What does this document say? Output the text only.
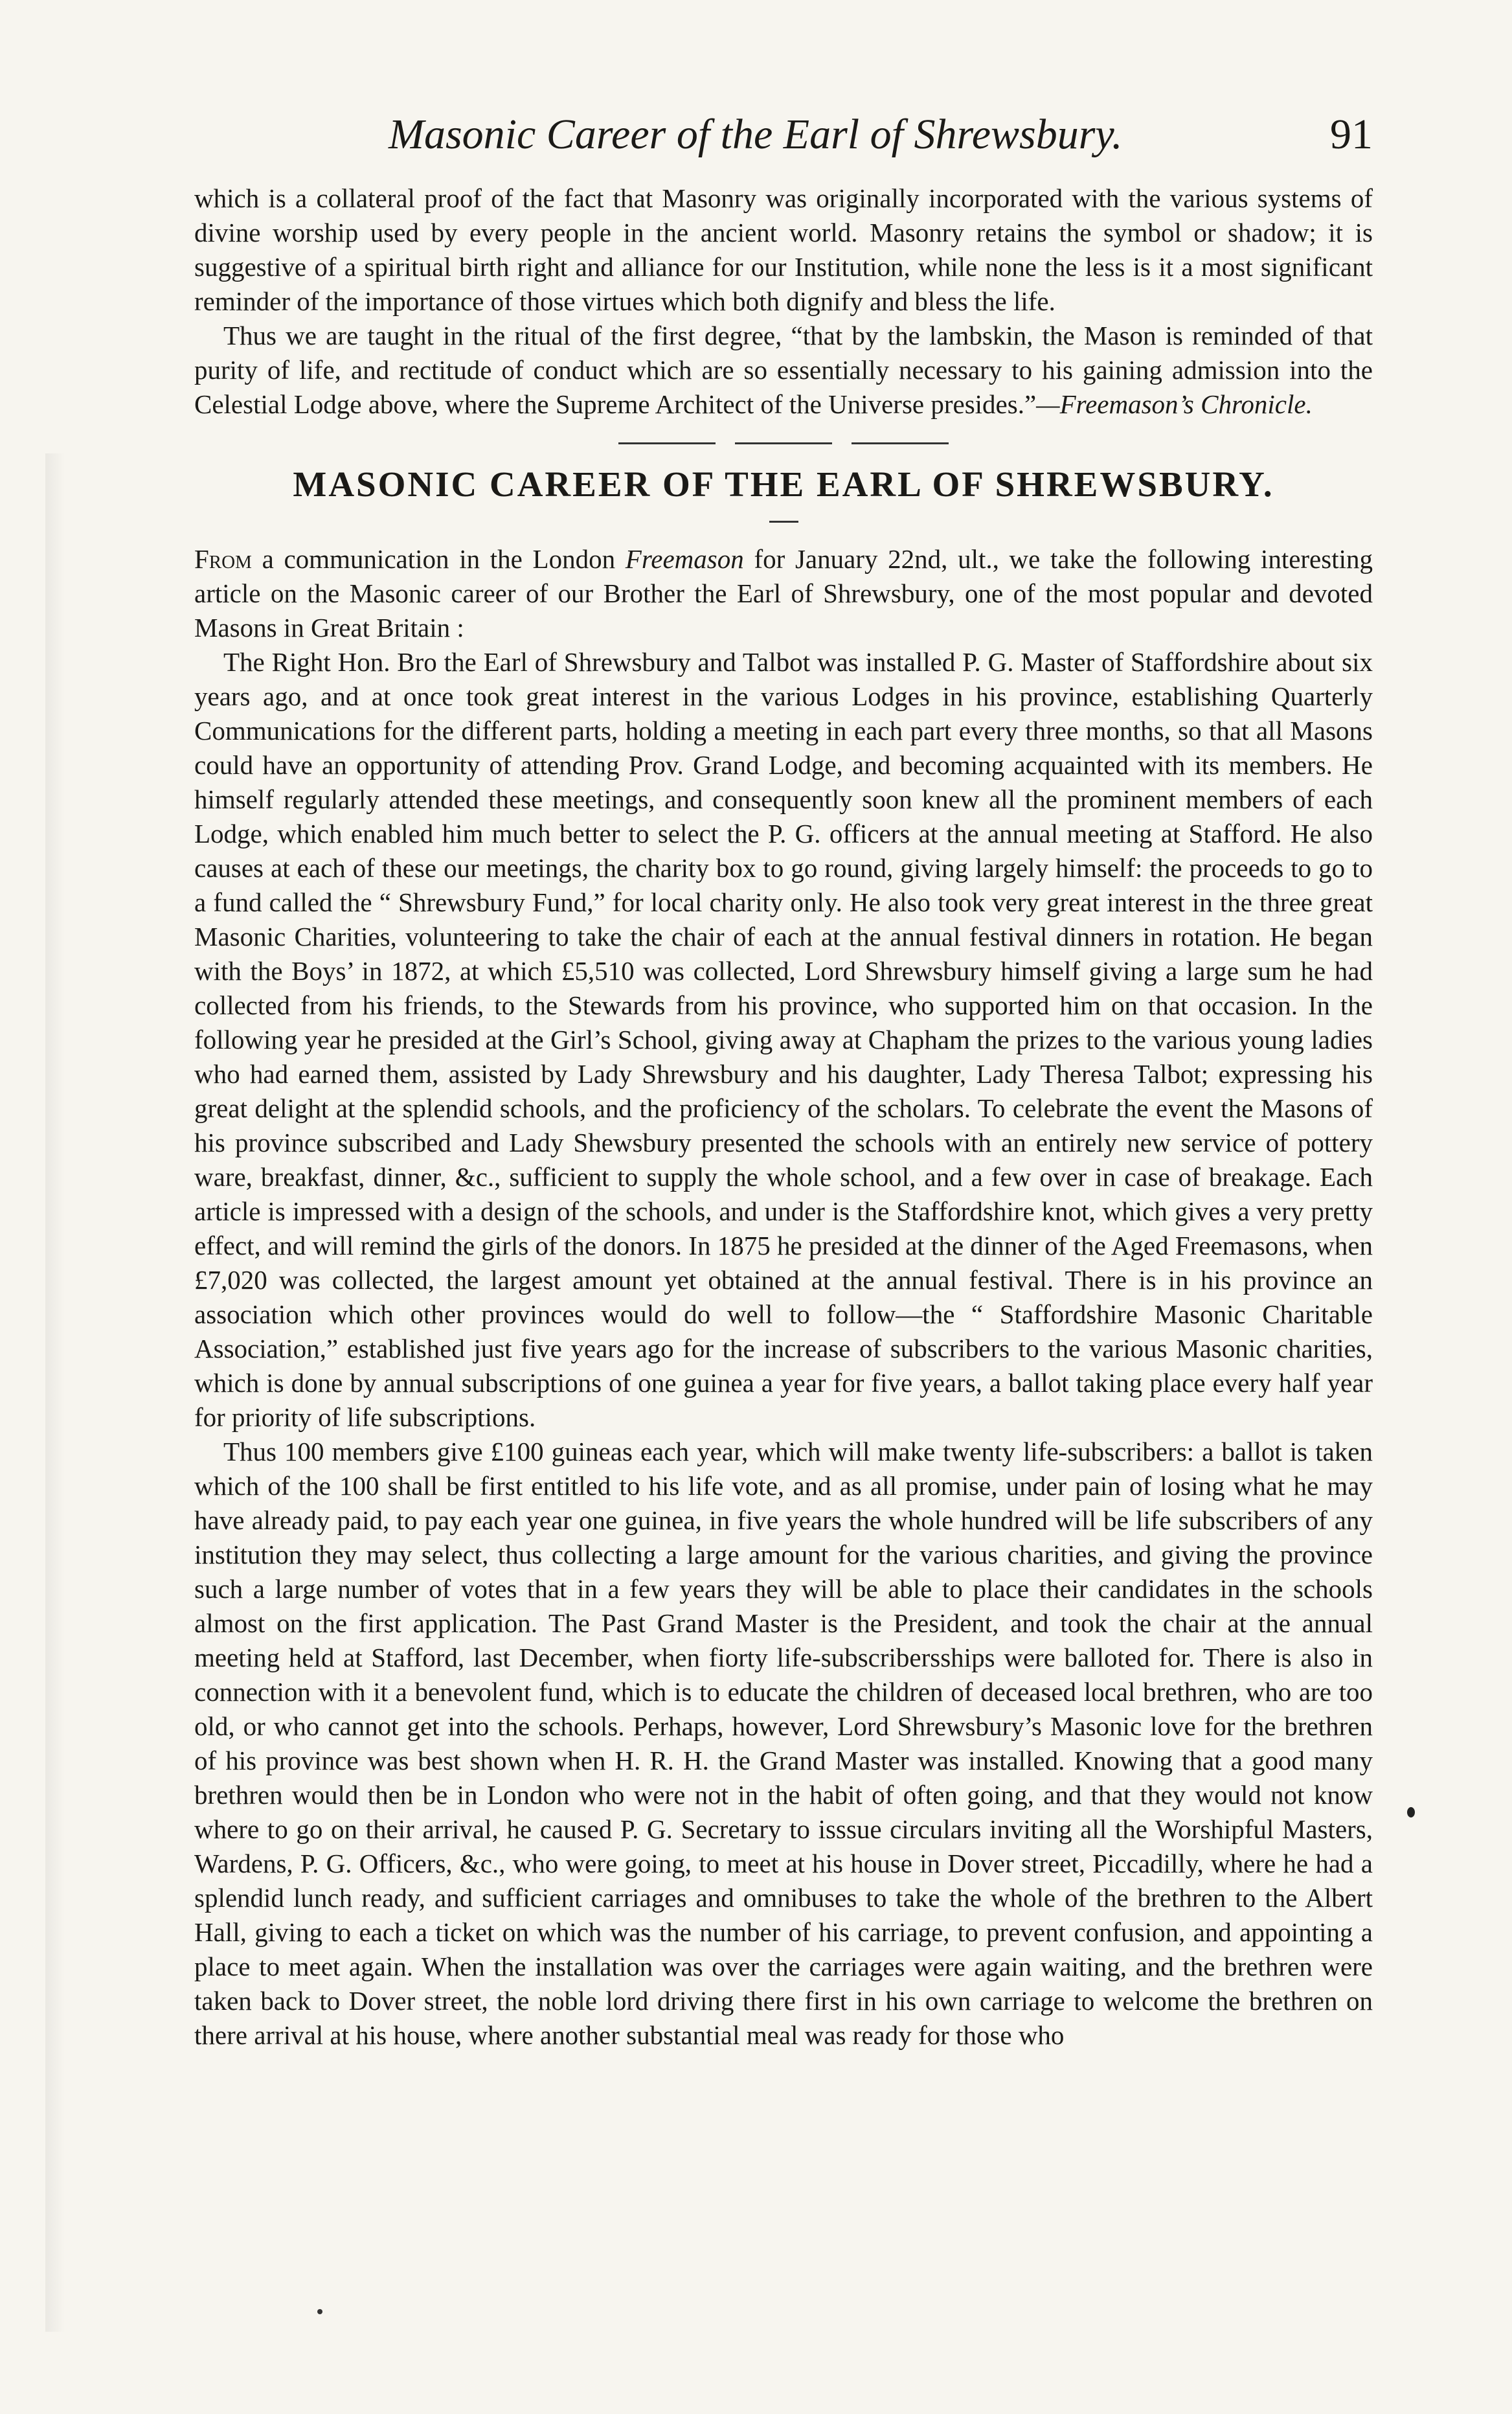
Masonic Career of the Earl of Shrewsbury.	91

which is a collateral proof of the fact that Masonry was originally incorporated with the various systems of divine worship used by every people in the ancient world. Masonry retains the symbol or shadow; it is suggestive of a spiritual birth right and alliance for our Institution, while none the less is it a most significant reminder of the importance of those virtues which both dignify and bless the life.

Thus we are taught in the ritual of the first degree, “that by the lambskin, the Mason is reminded of that purity of life, and rectitude of conduct which are so essentially necessary to his gaining admission into the Celestial Lodge above, where the Supreme Architect of the Universe presides.”—Freemason’s Chronicle.

MASONIC CAREER OF THE EARL OF SHREWSBURY.

From a communication in the London Freemason for January 22nd, ult., we take the following interesting article on the Masonic career of our Brother the Earl of Shrewsbury, one of the most popular and devoted Masons in Great Britain :

The Right Hon. Bro the Earl of Shrewsbury and Talbot was installed P. G. Master of Staffordshire about six years ago, and at once took great interest in the various Lodges in his province, establishing Quarterly Communications for the different parts, holding a meeting in each part every three months, so that all Masons could have an opportunity of attending Prov. Grand Lodge, and becoming acquainted with its members. He himself regularly attended these meetings, and consequently soon knew all the prominent members of each Lodge, which enabled him much better to select the P. G. officers at the annual meeting at Stafford. He also causes at each of these our meetings, the charity box to go round, giving largely himself: the proceeds to go to a fund called the “ Shrewsbury Fund,” for local charity only. He also took very great interest in the three great Masonic Charities, volunteering to take the chair of each at the annual festival dinners in rotation. He began with the Boys’ in 1872, at which £5,510 was collected, Lord Shrewsbury himself giving a large sum he had collected from his friends, to the Stewards from his province, who supported him on that occasion. In the following year he presided at the Girl’s School, giving away at Chapham the prizes to the various young ladies who had earned them, assisted by Lady Shrewsbury and his daughter, Lady Theresa Talbot; expressing his great delight at the splendid schools, and the proficiency of the scholars. To celebrate the event the Masons of his province subscribed and Lady Shewsbury presented the schools with an entirely new service of pottery ware, breakfast, dinner, &c., sufficient to supply the whole school, and a few over in case of breakage. Each article is impressed with a design of the schools, and under is the Staffordshire knot, which gives a very pretty effect, and will remind the girls of the donors. In 1875 he presided at the dinner of the Aged Freemasons, when £7,020 was collected, the largest amount yet obtained at the annual festival. There is in his province an association which other provinces would do well to follow—the “ Staffordshire Masonic Charitable Association,” established just five years ago for the increase of subscribers to the various Masonic charities, which is done by annual subscriptions of one guinea a year for five years, a ballot taking place every half year for priority of life subscriptions.

Thus 100 members give £100 guineas each year, which will make twenty life-subscribers: a ballot is taken which of the 100 shall be first entitled to his life vote, and as all promise, under pain of losing what he may have already paid, to pay each year one guinea, in five years the whole hundred will be life subscribers of any institution they may select, thus collecting a large amount for the various charities, and giving the province such a large number of votes that in a few years they will be able to place their candidates in the schools almost on the first application. The Past Grand Master is the President, and took the chair at the annual meeting held at Stafford, last December, when fiorty life-subscribersships were balloted for. There is also in connection with it a benevolent fund, which is to educate the children of deceased local brethren, who are too old, or who cannot get into the schools. Perhaps, however, Lord Shrewsbury’s Masonic love for the brethren of his province was best shown when H. R. H. the Grand Master was installed. Knowing that a good many brethren would then be in London who were not in the habit of often going, and that they would not know where to go on their arrival, he caused P. G. Secretary to isssue circulars inviting all the Worshipful Masters, Wardens, P. G. Officers, &c., who were going, to meet at his house in Dover street, Piccadilly, where he had a splendid lunch ready, and sufficient carriages and omnibuses to take the whole of the brethren to the Albert Hall, giving to each a ticket on which was the number of his carriage, to prevent confusion, and appointing a place to meet again. When the installation was over the carriages were again waiting, and the brethren were taken back to Dover street, the noble lord driving there first in his own carriage to welcome the brethren on there arrival at his house, where another substantial meal was ready for those who
